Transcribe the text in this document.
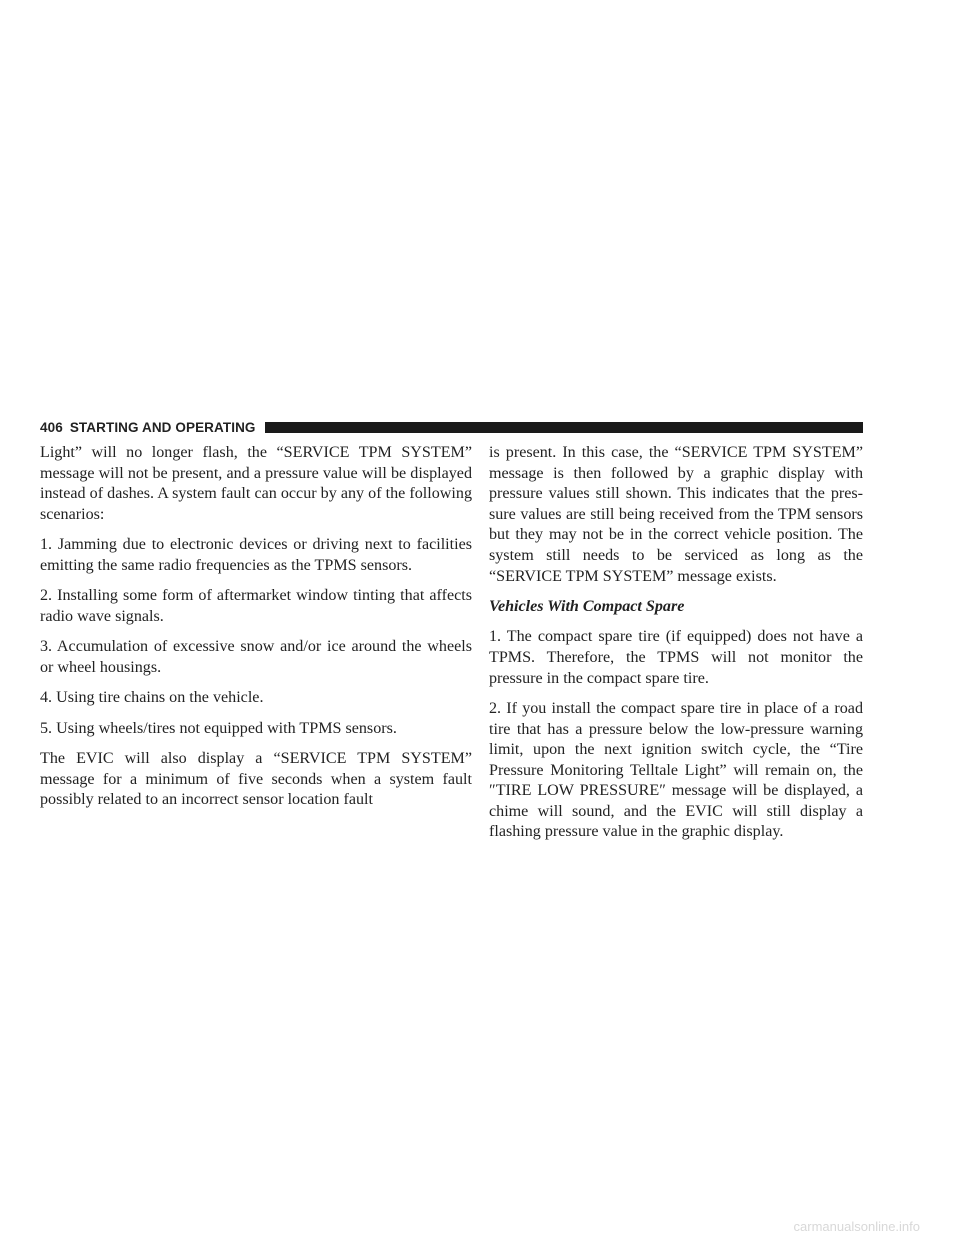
406 STARTING AND OPERATING

Light” will no longer flash, the “SERVICE TPM SYSTEM” message will not be present, and a pressure value will be displayed instead of dashes. A system fault can occur by any of the following scenarios:

1. Jamming due to electronic devices or driving next to facilities emitting the same radio frequencies as the TPMS sensors.

2. Installing some form of aftermarket window tinting that affects radio wave signals.

3. Accumulation of excessive snow and/or ice around the wheels or wheel housings.

4. Using tire chains on the vehicle.

5. Using wheels/tires not equipped with TPMS sensors.

The EVIC will also display a “SERVICE TPM SYSTEM” message for a minimum of five seconds when a system fault possibly related to an incorrect sensor location fault

is present. In this case, the “SERVICE TPM SYSTEM” message is then followed by a graphic display with pressure values still shown. This indicates that the pres-sure values are still being received from the TPM sensors but they may not be in the correct vehicle position. The system still needs to be serviced as long as the “SERVICE TPM SYSTEM” message exists.

Vehicles With Compact Spare

1. The compact spare tire (if equipped) does not have a TPMS. Therefore, the TPMS will not monitor the pressure in the compact spare tire.

2. If you install the compact spare tire in place of a road tire that has a pressure below the low-pressure warning limit, upon the next ignition switch cycle, the “Tire Pressure Monitoring Telltale Light” will remain on, the ″TIRE LOW PRESSURE″ message will be displayed, a chime will sound, and the EVIC will still display a flashing pressure value in the graphic display.

carmanualsonline.info
